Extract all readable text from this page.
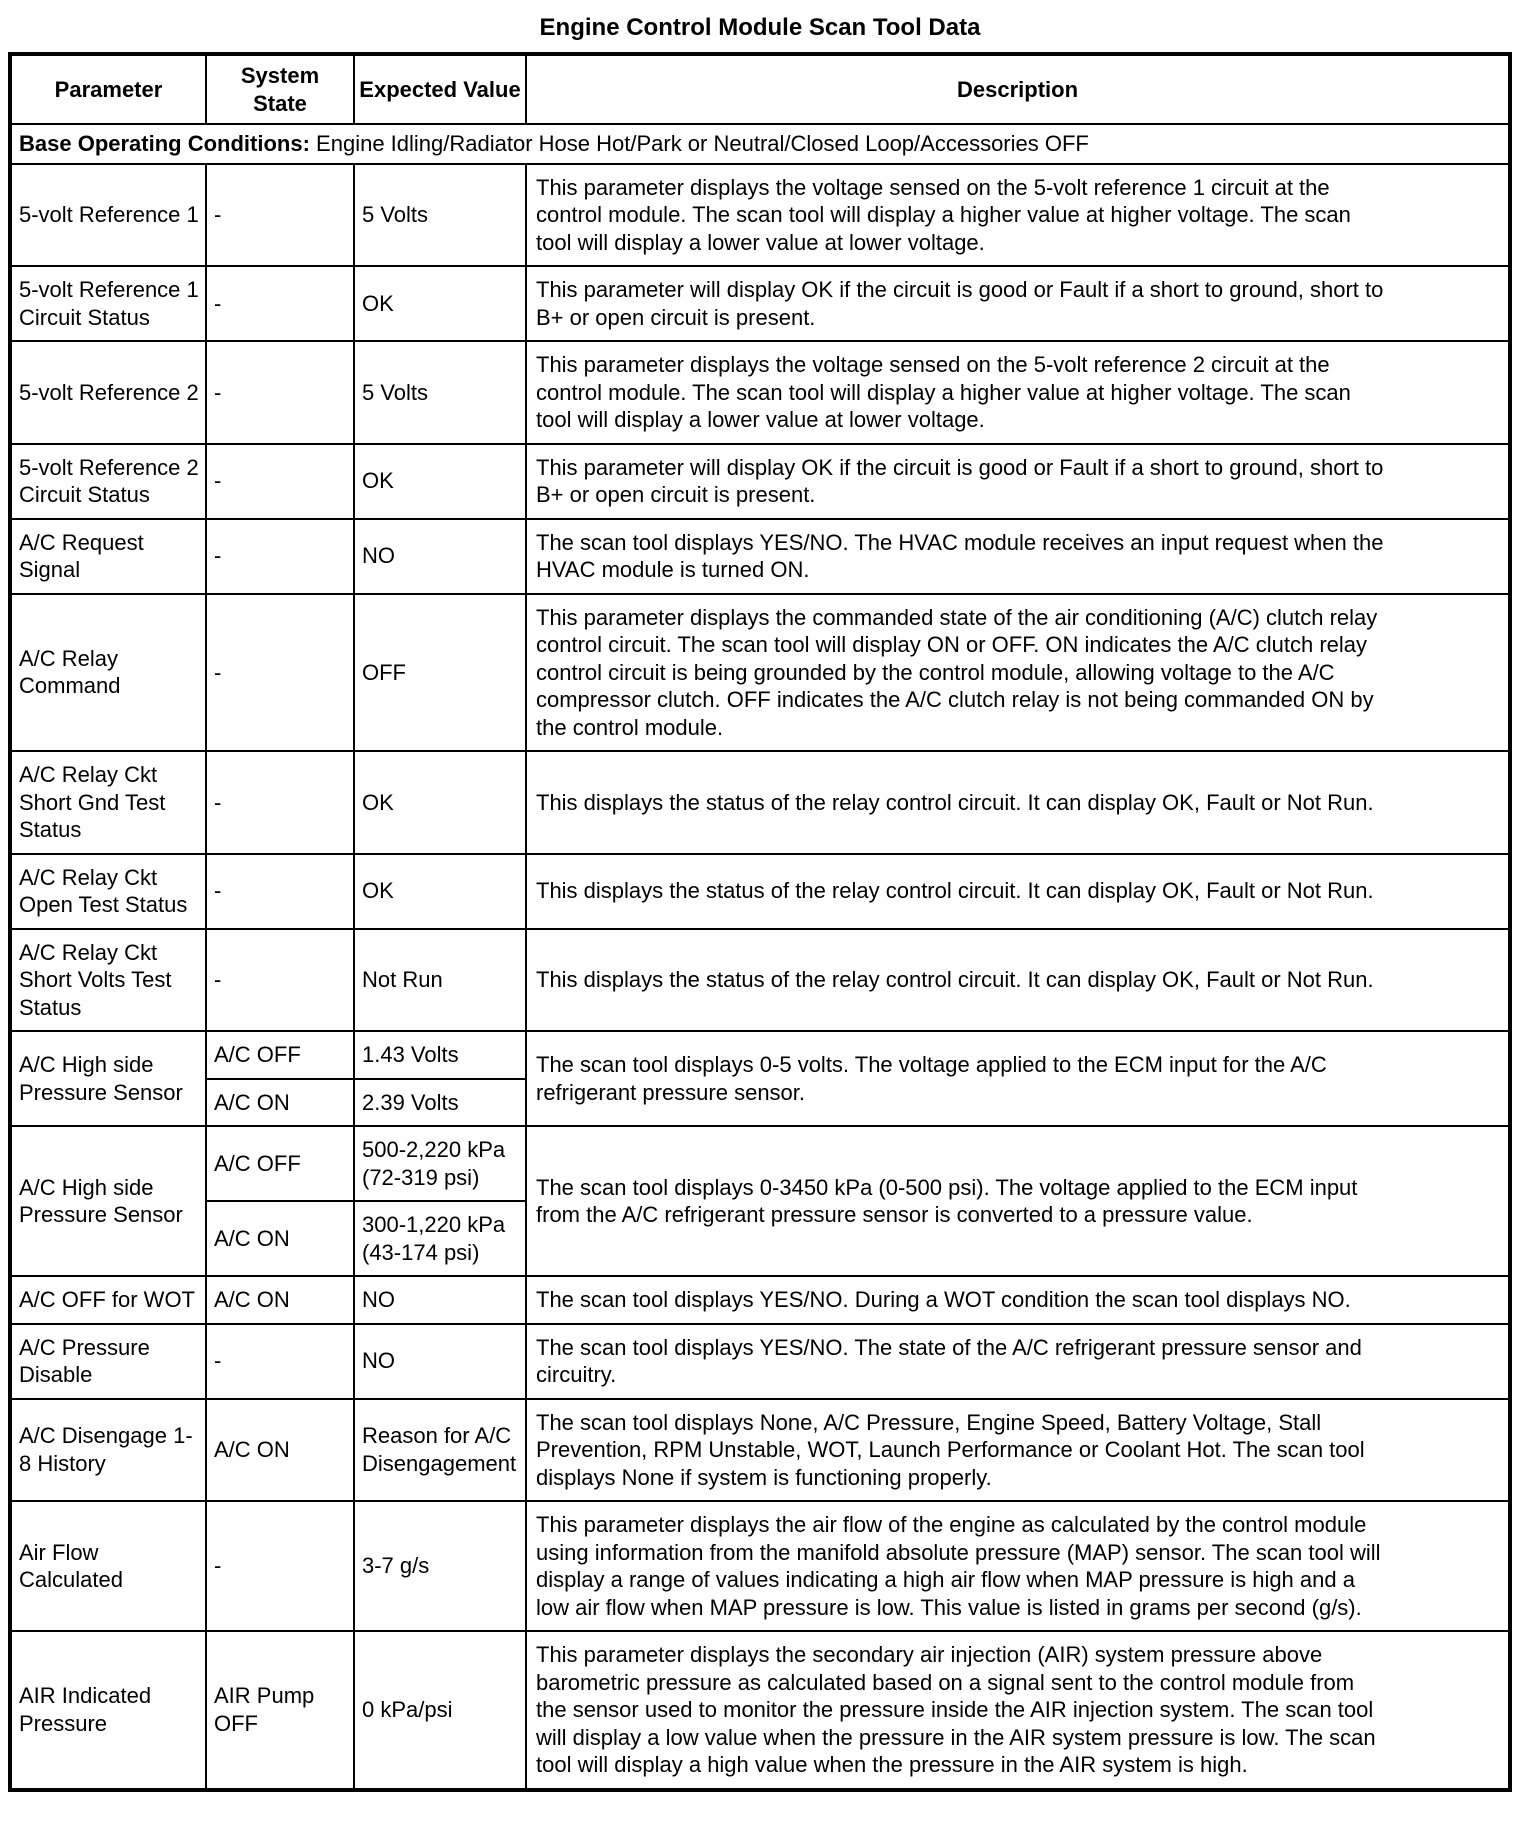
Engine Control Module Scan Tool Data
Parameter	System State	Expected Value	Description
Base Operating Conditions: Engine Idling/Radiator Hose Hot/Park or Neutral/Closed Loop/Accessories OFF			
5-volt Reference 1	-	5 Volts	This parameter displays the voltage sensed on the 5-volt reference 1 circuit at the control module. The scan tool will display a higher value at higher voltage. The scan tool will display a lower value at lower voltage.
5-volt Reference 1 Circuit Status	-	OK	This parameter will display OK if the circuit is good or Fault if a short to ground, short to B+ or open circuit is present.
5-volt Reference 2	-	5 Volts	This parameter displays the voltage sensed on the 5-volt reference 2 circuit at the control module. The scan tool will display a higher value at higher voltage. The scan tool will display a lower value at lower voltage.
5-volt Reference 2 Circuit Status	-	OK	This parameter will display OK if the circuit is good or Fault if a short to ground, short to B+ or open circuit is present.
A/C Request Signal	-	NO	The scan tool displays YES/NO. The HVAC module receives an input request when the HVAC module is turned ON.
A/C Relay Command	-	OFF	This parameter displays the commanded state of the air conditioning (A/C) clutch relay control circuit. The scan tool will display ON or OFF. ON indicates the A/C clutch relay control circuit is being grounded by the control module, allowing voltage to the A/C compressor clutch. OFF indicates the A/C clutch relay is not being commanded ON by the control module.
A/C Relay Ckt Short Gnd Test Status	-	OK	This displays the status of the relay control circuit. It can display OK, Fault or Not Run.
A/C Relay Ckt Open Test Status	-	OK	This displays the status of the relay control circuit. It can display OK, Fault or Not Run.
A/C Relay Ckt Short Volts Test Status	-	Not Run	This displays the status of the relay control circuit. It can display OK, Fault or Not Run.
A/C High side Pressure Sensor	A/C OFF	1.43 Volts	The scan tool displays 0-5 volts. The voltage applied to the ECM input for the A/C refrigerant pressure sensor.
	A/C ON	2.39 Volts	
A/C High side Pressure Sensor	A/C OFF	500-2,220 kPa (72-319 psi)	The scan tool displays 0-3450 kPa (0-500 psi). The voltage applied to the ECM input from the A/C refrigerant pressure sensor is converted to a pressure value.
	A/C ON	300-1,220 kPa (43-174 psi)	
A/C OFF for WOT	A/C ON	NO	The scan tool displays YES/NO. During a WOT condition the scan tool displays NO.
A/C Pressure Disable	-	NO	The scan tool displays YES/NO. The state of the A/C refrigerant pressure sensor and circuitry.
A/C Disengage 1-8 History	A/C ON	Reason for A/C Disengagement	The scan tool displays None, A/C Pressure, Engine Speed, Battery Voltage, Stall Prevention, RPM Unstable, WOT, Launch Performance or Coolant Hot. The scan tool displays None if system is functioning properly.
Air Flow Calculated	-	3-7 g/s	This parameter displays the air flow of the engine as calculated by the control module using information from the manifold absolute pressure (MAP) sensor. The scan tool will display a range of values indicating a high air flow when MAP pressure is high and a low air flow when MAP pressure is low. This value is listed in grams per second (g/s).
AIR Indicated Pressure	AIR Pump OFF	0 kPa/psi	This parameter displays the secondary air injection (AIR) system pressure above barometric pressure as calculated based on a signal sent to the control module from the sensor used to monitor the pressure inside the AIR injection system. The scan tool will display a low value when the pressure in the AIR system pressure is low. The scan tool will display a high value when the pressure in the AIR system is high.
